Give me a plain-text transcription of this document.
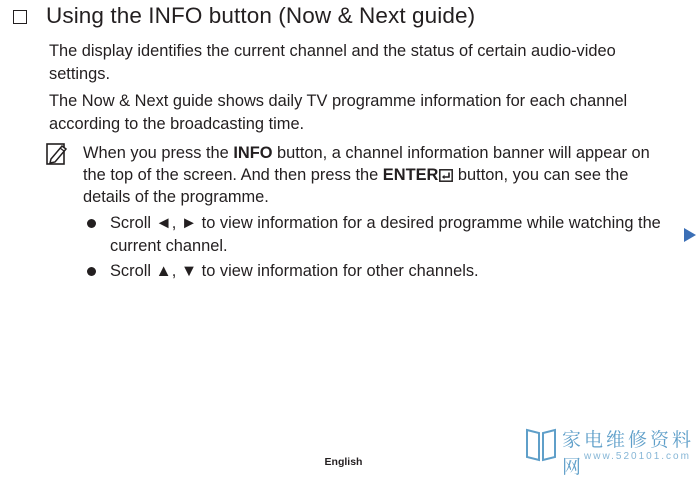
Using the INFO button (Now & Next guide)

The display identifies the current channel and the status of certain audio-video settings.

The Now & Next guide shows daily TV programme information for each channel according to the broadcasting time.

When you press the INFO button, a channel information banner will appear on the top of the screen. And then press the ENTER button, you can see the details of the programme.
Scroll ◄, ► to view information for a desired programme while watching the current channel.
Scroll ▲, ▼ to view information for other channels.
English
家电维修资料网 www.520101.com
